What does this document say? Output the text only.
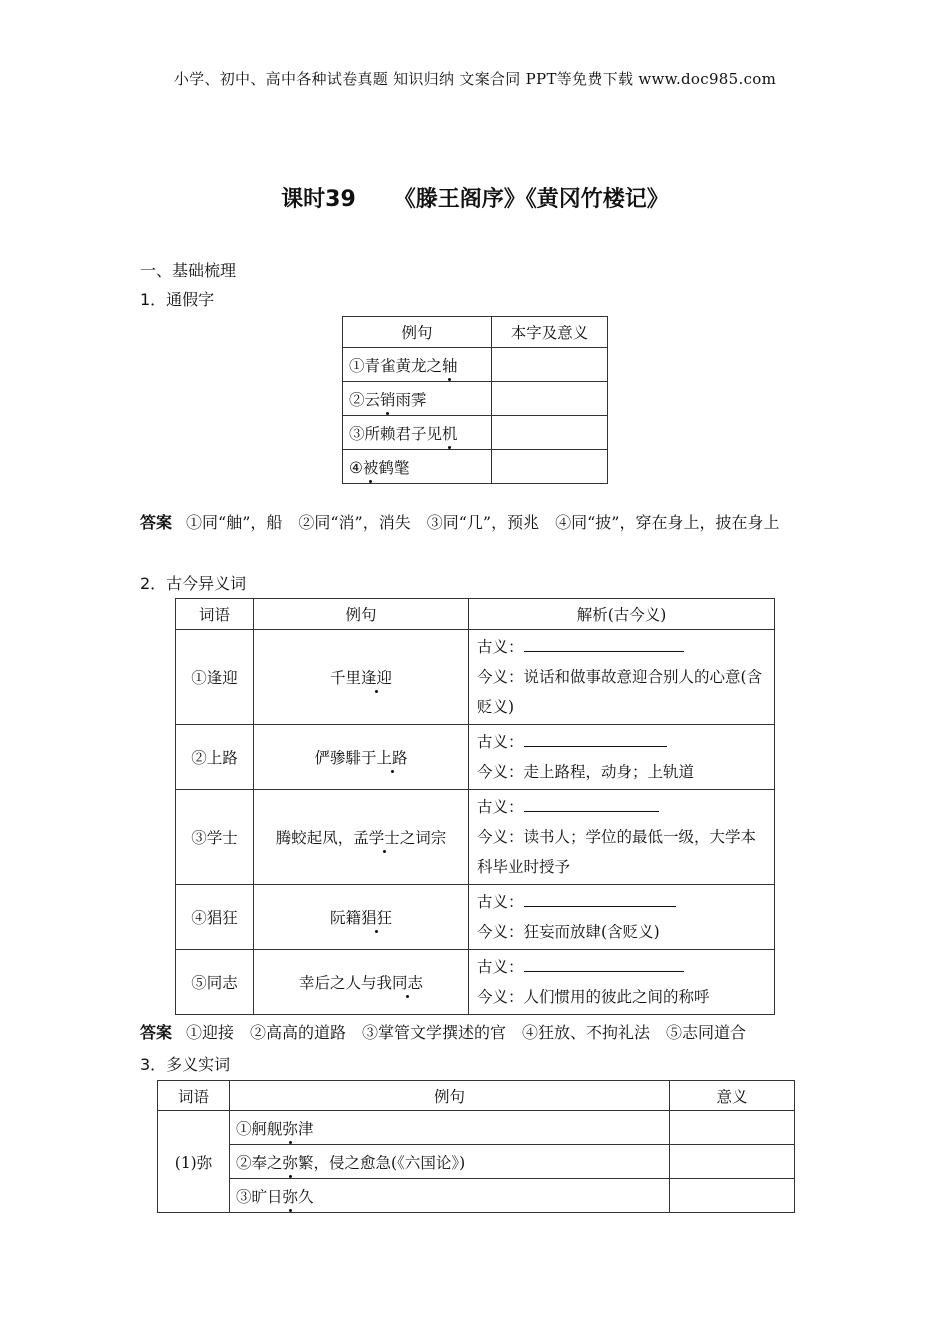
小学、初中、高中各种试卷真题 知识归纳 文案合同 PPT等免费下载 www.doc985.com
课时39 《滕王阁序》《黄冈竹楼记》
一、基础梳理
1．通假字
例句	本字及意义
①青雀黄龙之轴	
②云销雨霁	
③所赖君子见机	
④被鹤氅	
答案 ①同“舳”，船　②同“消”，消失　③同“几”，预兆　④同“披”，穿在身上，披在身上
2．古今异义词
词语	例句	解析(古今义)
①逢迎	千里逢迎	古义：
今义：说话和做事故意迎合别人的心意(含贬义)
②上路	俨骖騑于上路	古义：
今义：走上路程，动身；上轨道
③学士	腾蛟起凤，孟学士之词宗	古义：
今义：读书人；学位的最低一级，大学本科毕业时授予
④猖狂	阮籍猖狂	古义：
今义：狂妄而放肆(含贬义)
⑤同志	幸后之人与我同志	古义：
今义：人们惯用的彼此之间的称呼
答案 ①迎接　②高高的道路　③掌管文学撰述的官　④狂放、不拘礼法　⑤志同道合
3．多义实词
词语	例句	意义
(1)弥	①舸舰弥津	
	②奉之弥繁，侵之愈急(《六国论》)	
	③旷日弥久	
